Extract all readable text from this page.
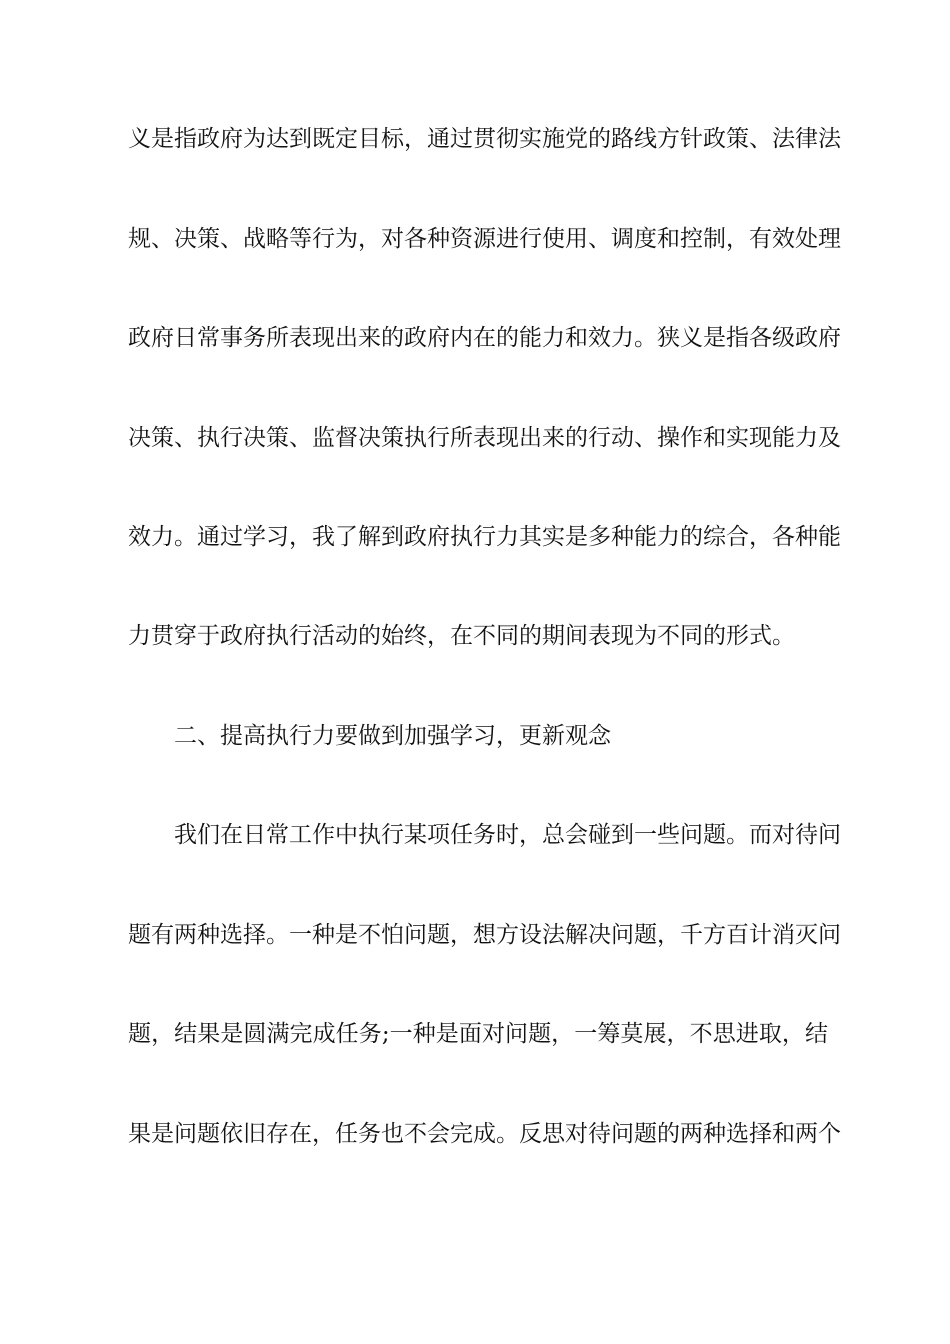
义是指政府为达到既定目标，通过贯彻实施党的路线方针政策、法律法
规、决策、战略等行为，对各种资源进行使用、调度和控制，有效处理
政府日常事务所表现出来的政府内在的能力和效力。狭义是指各级政府
决策、执行决策、监督决策执行所表现出来的行动、操作和实现能力及
效力。通过学习，我了解到政府执行力其实是多种能力的综合，各种能
力贯穿于政府执行活动的始终，在不同的期间表现为不同的形式。
二、提高执行力要做到加强学习，更新观念
我们在日常工作中执行某项任务时，总会碰到一些问题。而对待问
题有两种选择。一种是不怕问题，想方设法解决问题，千方百计消灭问
题，结果是圆满完成任务;一种是面对问题，一筹莫展，不思进取，结
果是问题依旧存在，任务也不会完成。反思对待问题的两种选择和两个
